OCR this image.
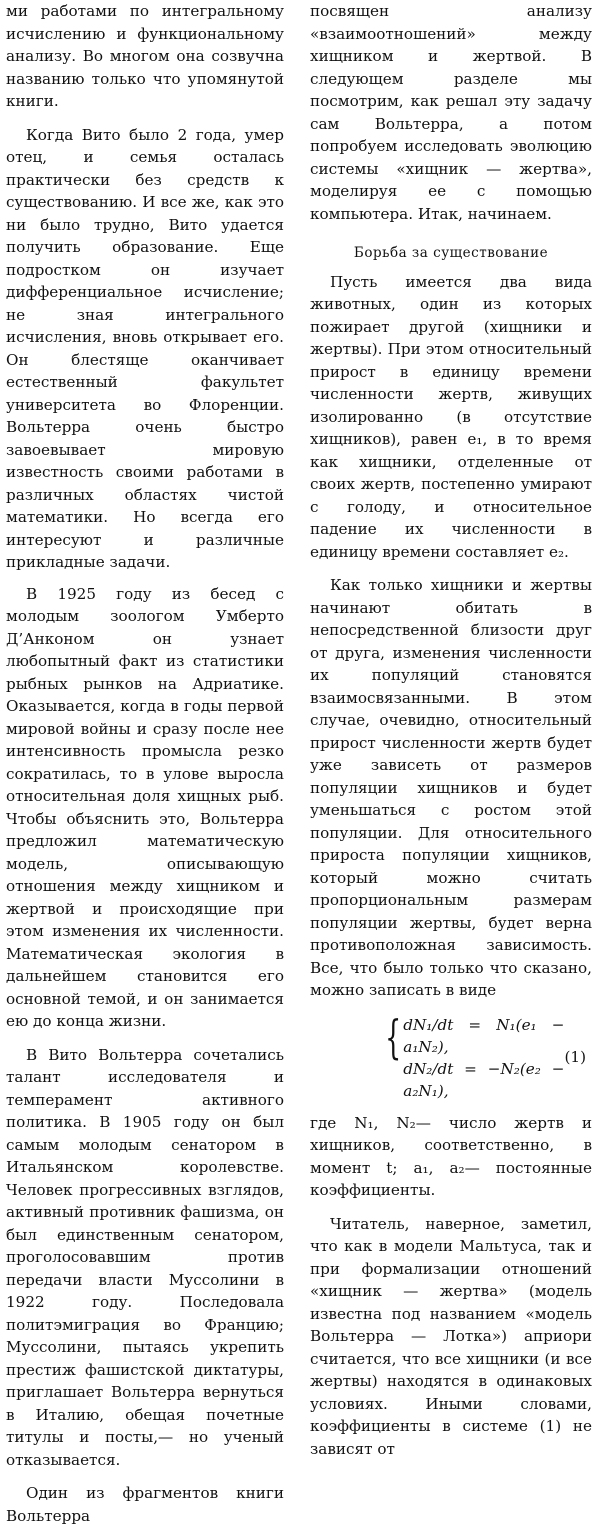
ми работами по интегральному исчислению и функциональному анализу. Во многом она созвучна названию только что упомянутой книги.

Когда Вито было 2 года, умер отец, и семья осталась практически без средств к существованию. И все же, как это ни было трудно, Вито удается получить образование. Еще подростком он изучает дифференциальное исчисление; не зная интегрального исчисления, вновь открывает его. Он блестяще оканчивает естественный факультет университета во Флоренции. Вольтерра очень быстро завоевывает мировую известность своими работами в различных областях чистой математики. Но всегда его интересуют и различные прикладные задачи.

В 1925 году из бесед с молодым зоологом Умберто Д’Анконом он узнает любопытный факт из статистики рыбных рынков на Адриатике. Оказывается, когда в годы первой мировой войны и сразу после нее интенсивность промысла резко сократилась, то в улове выросла относительная доля хищных рыб. Чтобы объяснить это, Вольтерра предложил математическую модель, описывающую отношения между хищником и жертвой и происходящие при этом изменения их численности. Математическая экология в дальнейшем становится его основной темой, и он занимается ею до конца жизни.

В Вито Вольтерра сочетались талант исследователя и темперамент активного политика. В 1905 году он был самым молодым сенатором в Итальянском королевстве. Человек прогрессивных взглядов, активный противник фашизма, он был единственным сенатором, проголосовавшим против передачи власти Муссолини в 1922 году. Последовала политэмиграция во Францию; Муссолини, пытаясь укрепить престиж фашистской диктатуры, приглашает Вольтерра вернуться в Италию, обещая почетные титулы и посты,— но ученый отказывается.

Один из фрагментов книги Вольтерра

посвящен анализу «взаимоотношений» между хищником и жертвой. В следующем разделе мы посмотрим, как решал эту задачу сам Вольтерра, а потом попробуем исследовать эволюцию системы «хищник — жертва», моделируя ее с помощью компьютера. Итак, начинаем.

Борьба за существование

Пусть имеется два вида животных, один из которых пожирает другой (хищники и жертвы). При этом относительный прирост в единицу времени численности жертв, живущих изолированно (в отсутствие хищников), равен e₁, в то время как хищники, отделенные от своих жертв, постепенно умирают с голоду, и относительное падение их численности в единицу времени составляет e₂.

Как только хищники и жертвы начинают обитать в непосредственной близости друг от друга, изменения численности их популяций становятся взаимосвязанными. В этом случае, очевидно, относительный прирост численности жертв будет уже зависеть от размеров популяции хищников и будет уменьшаться с ростом этой популяции. Для относительного прироста популяции хищников, который можно считать пропорциональным размерам популяции жертвы, будет верна противоположная зависимость. Все, что было только что сказано, можно записать в виде

{ dN₁/dt = N₁(e₁ − a₁N₂),
dN₂/dt = −N₂(e₂ − a₂N₁),
(1)

где N₁, N₂— число жертв и хищников, соответственно, в момент t; a₁, a₂— постоянные коэффициенты.

Читатель, наверное, заметил, что как в модели Мальтуса, так и при формализации отношений «хищник — жертва» (модель известна под названием «модель Вольтерра — Лотка») априори считается, что все хищники (и все жертвы) находятся в одинаковых условиях. Иными словами, коэффициенты в системе (1) не зависят от
